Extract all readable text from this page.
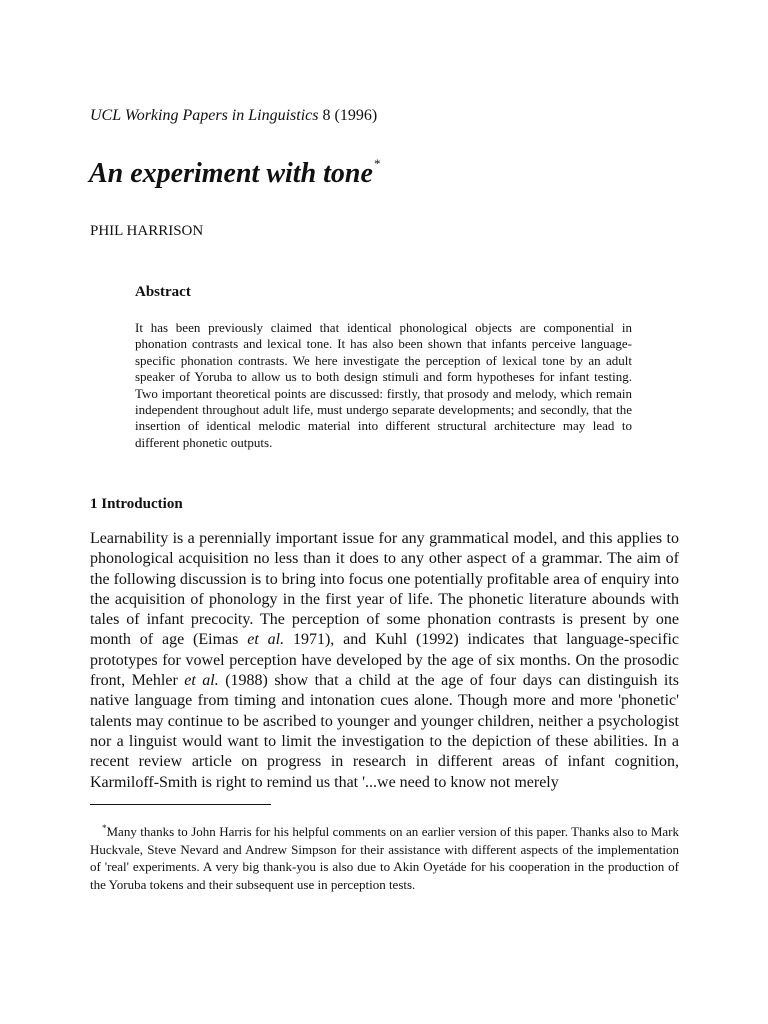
UCL Working Papers in Linguistics 8 (1996)
An experiment with tone*
PHIL HARRISON
Abstract

It has been previously claimed that identical phonological objects are componential in phonation contrasts and lexical tone. It has also been shown that infants perceive language-specific phonation contrasts. We here investigate the perception of lexical tone by an adult speaker of Yoruba to allow us to both design stimuli and form hypotheses for infant testing. Two important theoretical points are discussed: firstly, that prosody and melody, which remain independent throughout adult life, must undergo separate developments; and secondly, that the insertion of identical melodic material into different structural architecture may lead to different phonetic outputs.

1 Introduction

Learnability is a perennially important issue for any grammatical model, and this applies to phonological acquisition no less than it does to any other aspect of a grammar. The aim of the following discussion is to bring into focus one potentially profitable area of enquiry into the acquisition of phonology in the first year of life. The phonetic literature abounds with tales of infant precocity. The perception of some phonation contrasts is present by one month of age (Eimas et al. 1971), and Kuhl (1992) indicates that language-specific prototypes for vowel perception have developed by the age of six months. On the prosodic front, Mehler et al. (1988) show that a child at the age of four days can distinguish its native language from timing and intonation cues alone. Though more and more 'phonetic' talents may continue to be ascribed to younger and younger children, neither a psychologist nor a linguist would want to limit the investigation to the depiction of these abilities. In a recent review article on progress in research in different areas of infant cognition, Karmiloff-Smith is right to remind us that '...we need to know not merely

*Many thanks to John Harris for his helpful comments on an earlier version of this paper. Thanks also to Mark Huckvale, Steve Nevard and Andrew Simpson for their assistance with different aspects of the implementation of 'real' experiments. A very big thank-you is also due to Akin Oyetáde for his cooperation in the production of the Yoruba tokens and their subsequent use in perception tests.
